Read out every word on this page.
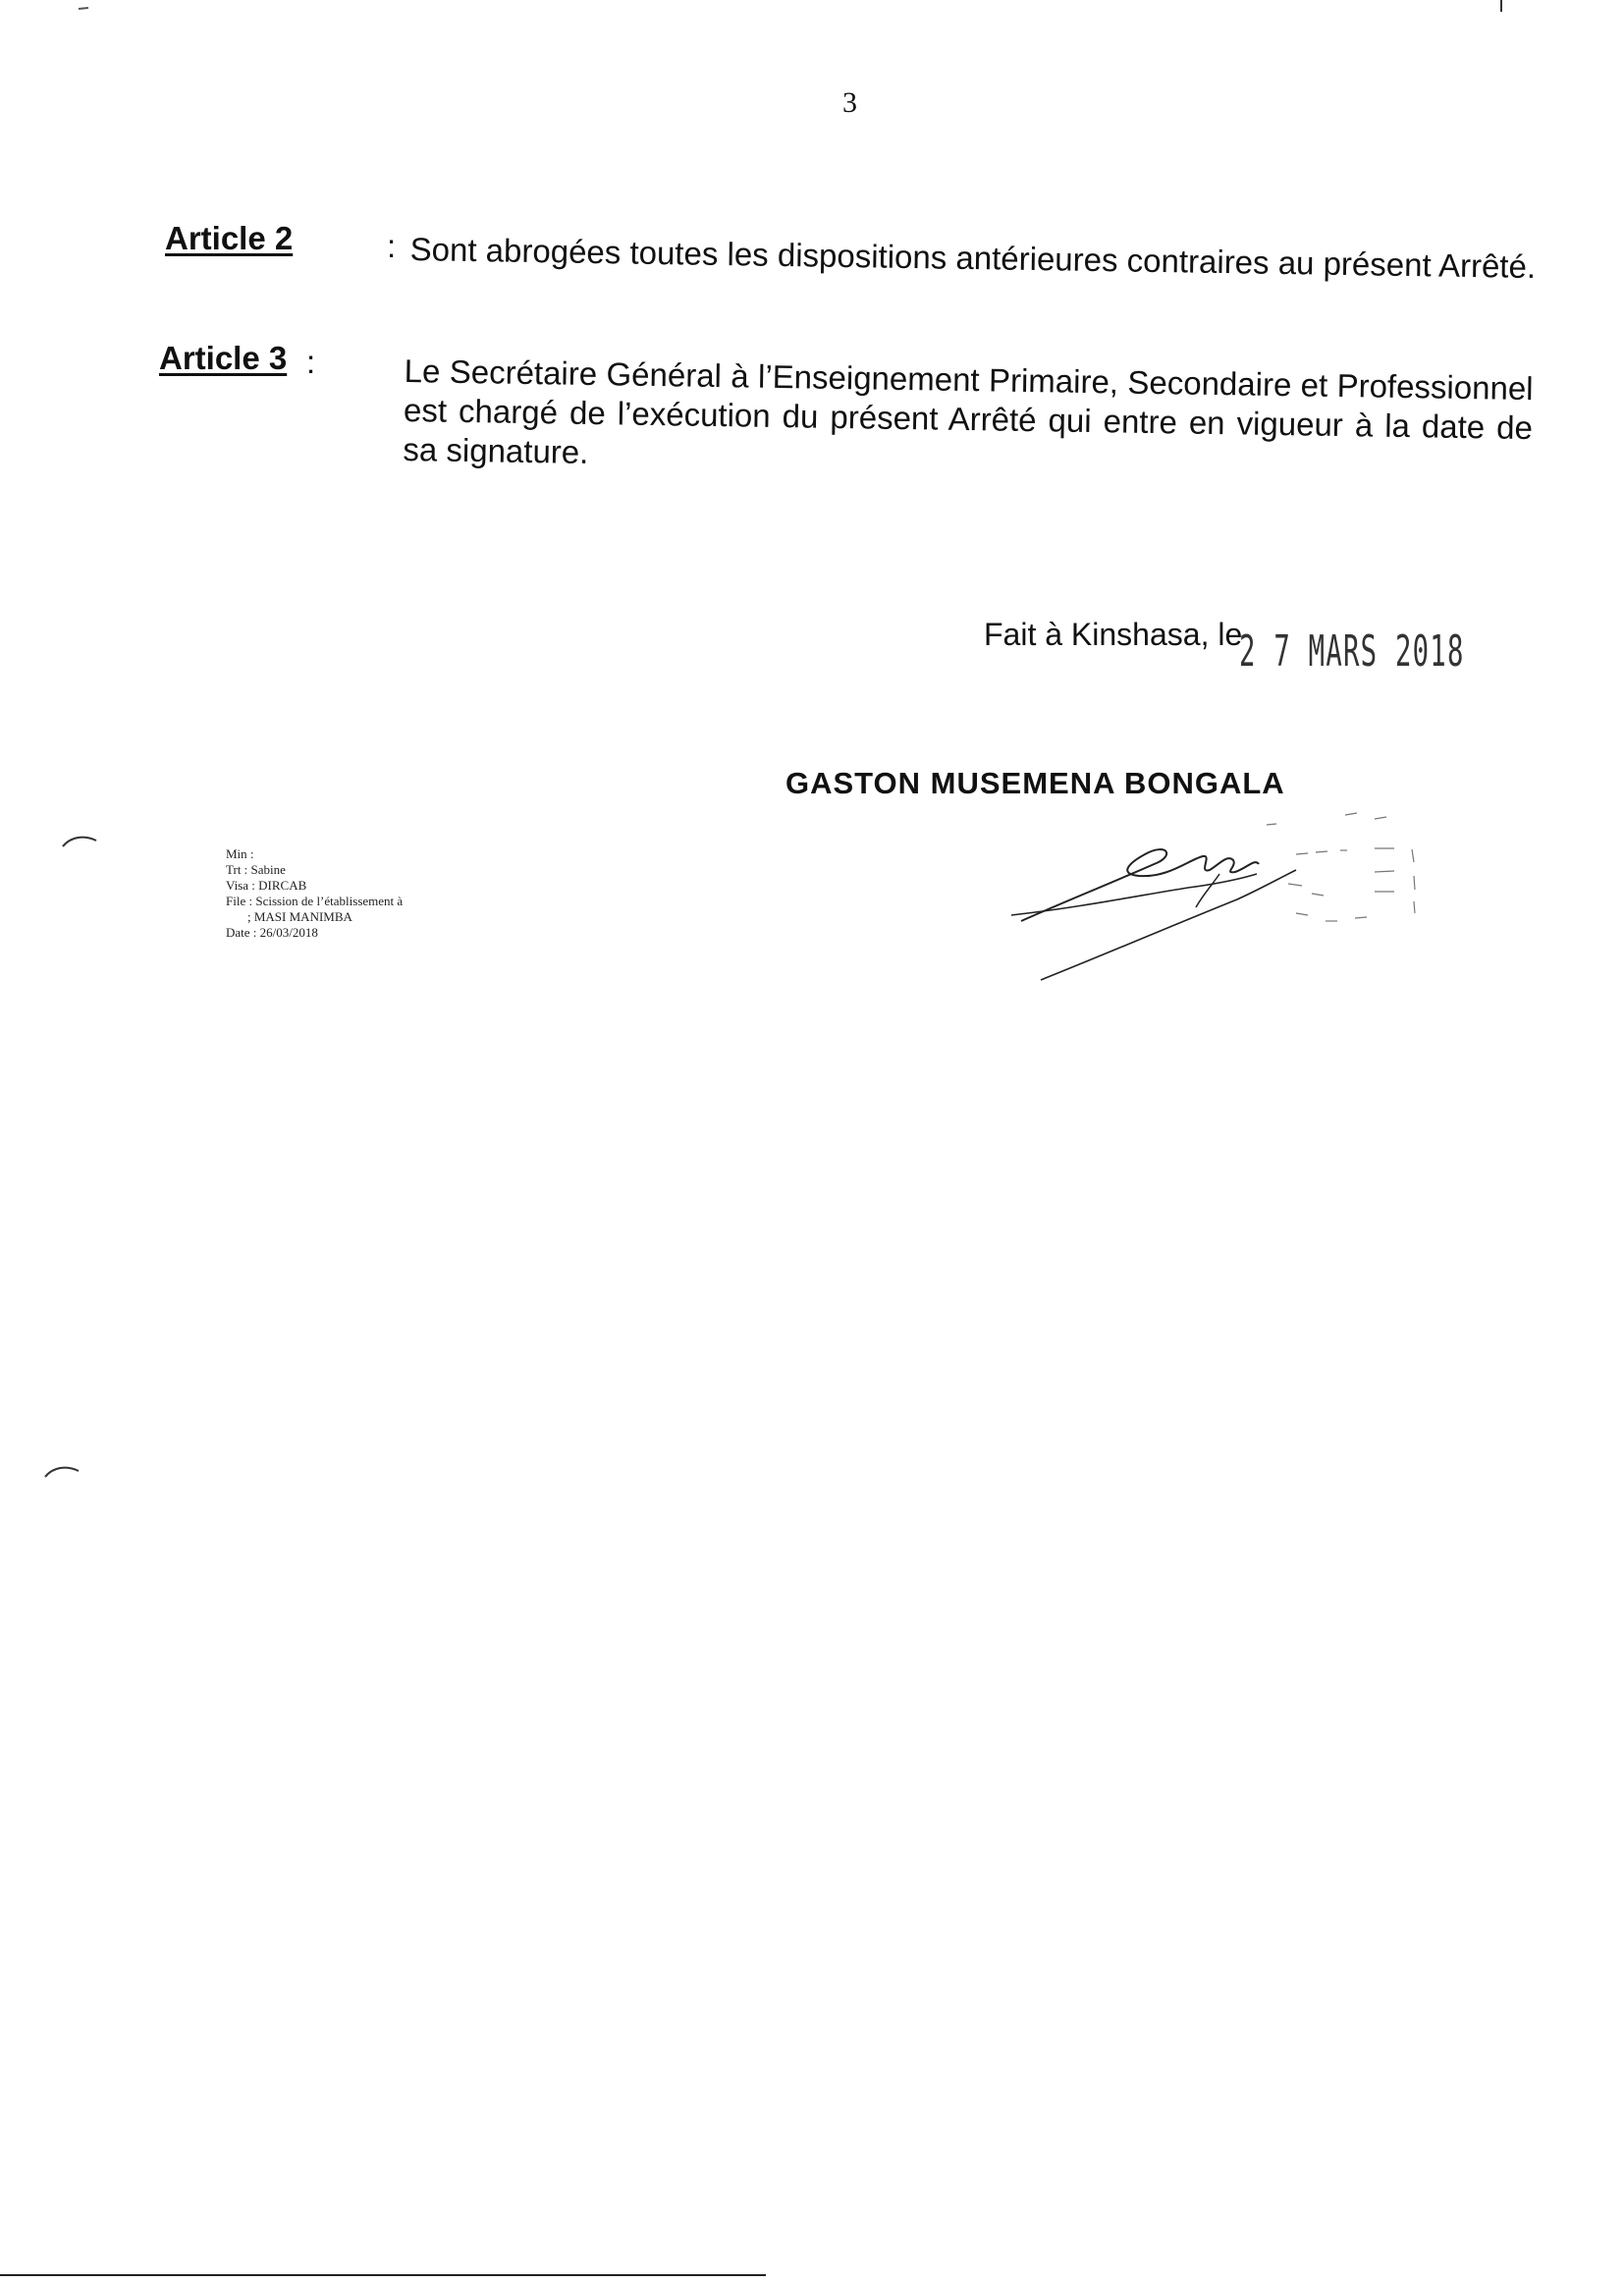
3
Article 2	: Sont abrogées toutes les dispositions antérieures contraires au présent Arrêté.
Article 3 :	Le Secrétaire Général à l’Enseignement Primaire, Secondaire et Professionnel est chargé de l’exécution du présent Arrêté qui entre en vigueur à la date de sa signature.
Fait à Kinshasa, le
2 7 MARS 2018
GASTON MUSEMENA BONGALA
Min :
Trt : Sabine
Visa : DIRCAB
File : Scission de l’établissement à
; MASI MANIMBA
Date : 26/03/2018
